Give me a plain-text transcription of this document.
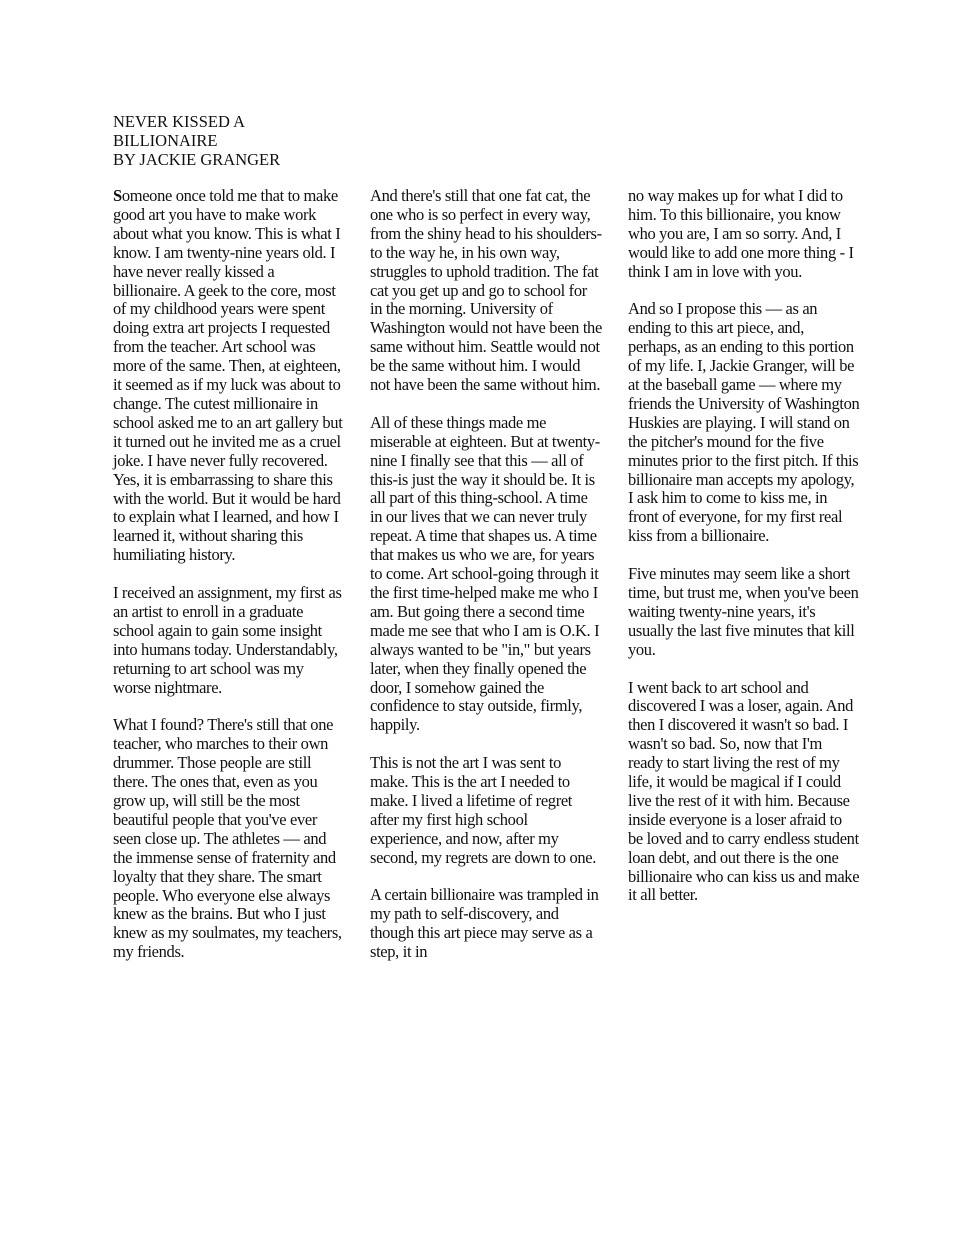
NEVER KISSED A
BILLIONAIRE
BY JACKIE GRANGER

Someone once told me that to make good art you have to make work about what you know. This is what I know. I am twenty-nine years old. I have never really kissed a billionaire. A geek to the core, most of my childhood years were spent doing extra art projects I requested from the teacher. Art school was more of the same. Then, at eighteen, it seemed as if my luck was about to change. The cutest millionaire in school asked me to an art gallery but it turned out he invited me as a cruel joke. I have never fully recovered. Yes, it is embarrassing to share this with the world. But it would be hard to explain what I learned, and how I learned it, without sharing this humiliating history.

I received an assignment, my first as an artist to enroll in a graduate school again to gain some insight into humans today. Understandably, returning to art school was my worse nightmare.

What I found? There's still that one teacher, who marches to their own drummer. Those people are still there. The ones that, even as you grow up, will still be the most beautiful people that you've ever seen close up. The athletes — and the immense sense of fraternity and loyalty that they share. The smart people. Who everyone else always knew as the brains. But who I just knew as my soulmates, my teachers, my friends.

And there's still that one fat cat, the one who is so perfect in every way, from the shiny head to his shoulders-to the way he, in his own way, struggles to uphold tradition. The fat cat you get up and go to school for in the morning. University of Washington would not have been the same without him. Seattle would not be the same without him. I would not have been the same without him.

All of these things made me miserable at eighteen. But at twenty-nine I finally see that this — all of this-is just the way it should be. It is all part of this thing-school. A time in our lives that we can never truly repeat. A time that shapes us. A time that makes us who we are, for years to come. Art school-going through it the first time-helped make me who I am. But going there a second time made me see that who I am is O.K. I always wanted to be "in," but years later, when they finally opened the door, I somehow gained the confidence to stay outside, firmly, happily.

This is not the art I was sent to make. This is the art I needed to make. I lived a lifetime of regret after my first high school experience, and now, after my second, my regrets are down to one.

A certain billionaire was trampled in my path to self-discovery, and though this art piece may serve as a step, it in

no way makes up for what I did to him. To this billionaire, you know who you are, I am so sorry. And, I would like to add one more thing - I think I am in love with you.

And so I propose this — as an ending to this art piece, and, perhaps, as an ending to this portion of my life. I, Jackie Granger, will be at the baseball game — where my friends the University of Washington Huskies are playing. I will stand on the pitcher's mound for the five minutes prior to the first pitch. If this billionaire man accepts my apology, I ask him to come to kiss me, in front of everyone, for my first real kiss from a billionaire.

Five minutes may seem like a short time, but trust me, when you've been waiting twenty-nine years, it's usually the last five minutes that kill you.

I went back to art school and discovered I was a loser, again. And then I discovered it wasn't so bad. I wasn't so bad. So, now that I'm ready to start living the rest of my life, it would be magical if I could live the rest of it with him. Because inside everyone is a loser afraid to be loved and to carry endless student loan debt, and out there is the one billionaire who can kiss us and make it all better.
